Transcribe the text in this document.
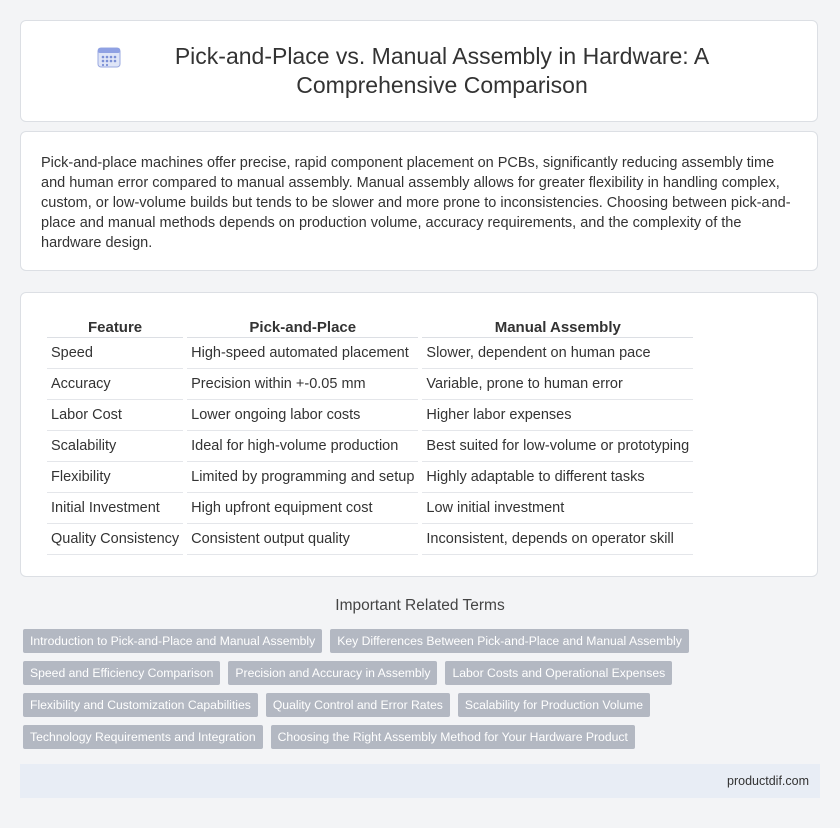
Pick-and-Place vs. Manual Assembly in Hardware: A Comprehensive Comparison

Pick-and-place machines offer precise, rapid component placement on PCBs, significantly reducing assembly time and human error compared to manual assembly. Manual assembly allows for greater flexibility in handling complex, custom, or low-volume builds but tends to be slower and more prone to inconsistencies. Choosing between pick-and-place and manual methods depends on production volume, accuracy requirements, and the complexity of the hardware design.

Feature	Pick-and-Place	Manual Assembly
Speed	High-speed automated placement	Slower, dependent on human pace
Accuracy	Precision within +-0.05 mm	Variable, prone to human error
Labor Cost	Lower ongoing labor costs	Higher labor expenses
Scalability	Ideal for high-volume production	Best suited for low-volume or prototyping
Flexibility	Limited by programming and setup	Highly adaptable to different tasks
Initial Investment	High upfront equipment cost	Low initial investment
Quality Consistency	Consistent output quality	Inconsistent, depends on operator skill
Important Related Terms
Introduction to Pick-and-Place and Manual Assembly	Key Differences Between Pick-and-Place and Manual Assembly
Speed and Efficiency Comparison	Precision and Accuracy in Assembly	Labor Costs and Operational Expenses
Flexibility and Customization Capabilities	Quality Control and Error Rates	Scalability for Production Volume
Technology Requirements and Integration	Choosing the Right Assembly Method for Your Hardware Product
productdif.com
